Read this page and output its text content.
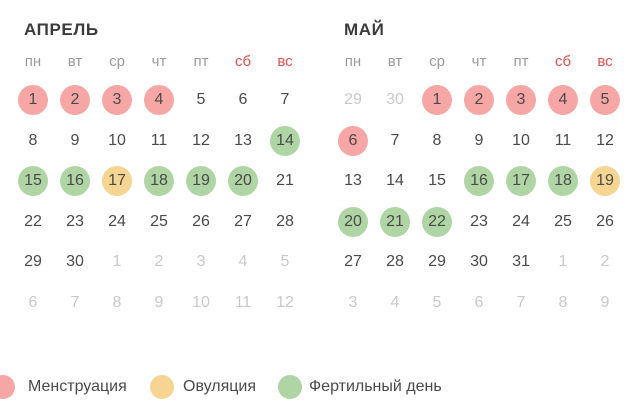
АПРЕЛЬ
пн	вт	ср	чт	пт	сб	вс
1	2	3	4	5 6 7
8 9 10 11 12 13	14
15	16	17	18	19	20	21
22 23 24 25 26 27 28
29 30 1 2 3 4 5
6 7 8 9 10 11 12
МАЙ
пн	вт	ср	чт	пт	сб	вс
29 30	1	2	3	4	5
6	7 8 9 10 11 12
13 14 15	16	17	18	19
20	21	22	23 24 25 26
27 28 29 30 31 1 2
3 4 5 6 7 8 9
Менструация	Овуляция	Фертильный день
